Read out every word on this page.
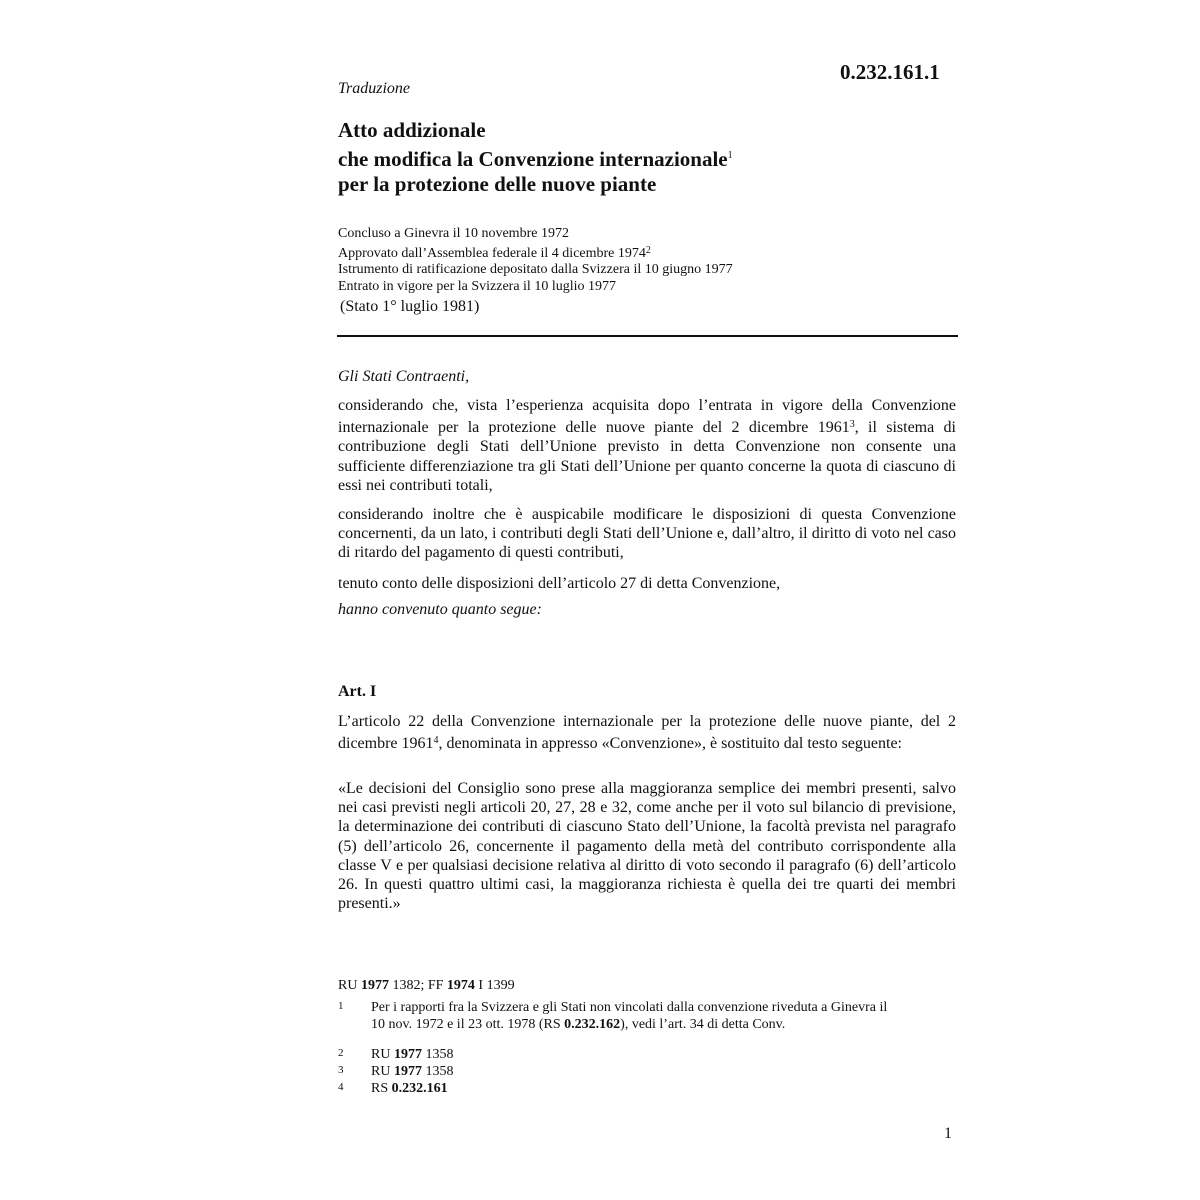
0.232.161.1
Traduzione
Atto addizionale
che modifica la Convenzione internazionale$^1$
per la protezione delle nuove piante
Concluso a Ginevra il 10 novembre 1972
Approvato dall’Assemblea federale il 4 dicembre 1974$^2$
Istrumento di ratificazione depositato dalla Svizzera il 10 giugno 1977
Entrato in vigore per la Svizzera il 10 luglio 1977
(Stato 1° luglio 1981)
Gli Stati Contraenti,
considerando che, vista l’esperienza acquisita dopo l’entrata in vigore della Convenzione internazionale per la protezione delle nuove piante del 2 dicembre 1961$^3$, il sistema di contribuzione degli Stati dell’Unione previsto in detta Convenzione non consente una sufficiente differenziazione tra gli Stati dell’Unione per quanto concerne la quota di ciascuno di essi nei contributi totali,
considerando inoltre che è auspicabile modificare le disposizioni di questa Convenzione concernenti, da un lato, i contributi degli Stati dell’Unione e, dall’altro, il diritto di voto nel caso di ritardo del pagamento di questi contributi,
tenuto conto delle disposizioni dell’articolo 27 di detta Convenzione,
hanno convenuto quanto segue:
Art. I
L’articolo 22 della Convenzione internazionale per la protezione delle nuove piante, del 2 dicembre 1961$^4$, denominata in appresso «Convenzione», è sostituito dal testo seguente:
«Le decisioni del Consiglio sono prese alla maggioranza semplice dei membri presenti, salvo nei casi previsti negli articoli 20, 27, 28 e 32, come anche per il voto sul bilancio di previsione, la determinazione dei contributi di ciascuno Stato dell’Unione, la facoltà prevista nel paragrafo (5) dell’articolo 26, concernente il pagamento della metà del contributo corrispondente alla classe V e per qualsiasi decisione relativa al diritto di voto secondo il paragrafo (6) dell’articolo 26. In questi quattro ultimi casi, la maggioranza richiesta è quella dei tre quarti dei membri presenti.»
RU 1977 1382; FF 1974 I 1399
1	Per i rapporti fra la Svizzera e gli Stati non vincolati dalla convenzione riveduta a Ginevra il 10 nov. 1972 e il 23 ott. 1978 (RS 0.232.162), vedi l’art. 34 di detta Conv.
2	RU 1977 1358
3	RU 1977 1358
4	RS 0.232.161
1
